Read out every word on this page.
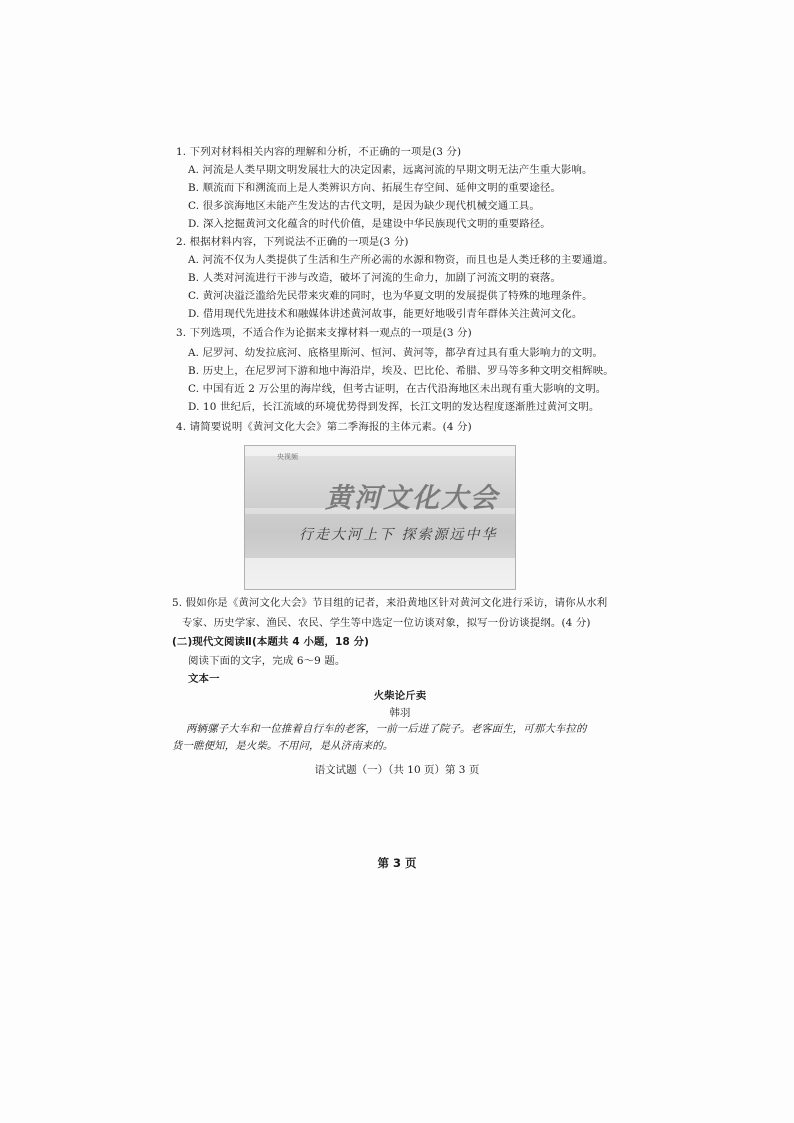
1. 下列对材料相关内容的理解和分析，不正确的一项是(3 分)
A. 河流是人类早期文明发展壮大的决定因素，远离河流的早期文明无法产生重大影响。
B. 顺流而下和溯流而上是人类辨识方向、拓展生存空间、延伸文明的重要途径。
C. 很多滨海地区未能产生发达的古代文明，是因为缺少现代机械交通工具。
D. 深入挖掘黄河文化蕴含的时代价值，是建设中华民族现代文明的重要路径。
2. 根据材料内容，下列说法不正确的一项是(3 分)
A. 河流不仅为人类提供了生活和生产所必需的水源和物资，而且也是人类迁移的主要通道。
B. 人类对河流进行干涉与改造，破坏了河流的生命力，加剧了河流文明的衰落。
C. 黄河决溢泛滥给先民带来灾难的同时，也为华夏文明的发展提供了特殊的地理条件。
D. 借用现代先进技术和融媒体讲述黄河故事，能更好地吸引青年群体关注黄河文化。
3. 下列选项，不适合作为论据来支撑材料一观点的一项是(3 分)
A. 尼罗河、幼发拉底河、底格里斯河、恒河、黄河等，都孕育过具有重大影响力的文明。
B. 历史上，在尼罗河下游和地中海沿岸，埃及、巴比伦、希腊、罗马等多种文明交相辉映。
C. 中国有近 2 万公里的海岸线，但考古证明，在古代沿海地区未出现有重大影响的文明。
D. 10 世纪后，长江流域的环境优势得到发挥，长江文明的发达程度逐渐胜过黄河文明。
4. 请简要说明《黄河文化大会》第二季海报的主体元素。(4 分)
央视频
黄河文化大会
行走大河上下 探索源远中华
5. 假如你是《黄河文化大会》节目组的记者，来沿黄地区针对黄河文化进行采访，请你从水利
专家、历史学家、渔民、农民、学生等中选定一位访谈对象，拟写一份访谈提纲。(4 分)
(二)现代文阅读Ⅱ(本题共 4 小题，18 分)
阅读下面的文字，完成 6～9 题。
文本一
火柴论斤卖
韩羽
两辆骡子大车和一位推着自行车的老客，一前一后进了院子。老客面生，可那大车拉的
货一瞧便知，是火柴。不用问，是从济南来的。
语文试题（一）（共 10 页）第 3 页
第 3 页
